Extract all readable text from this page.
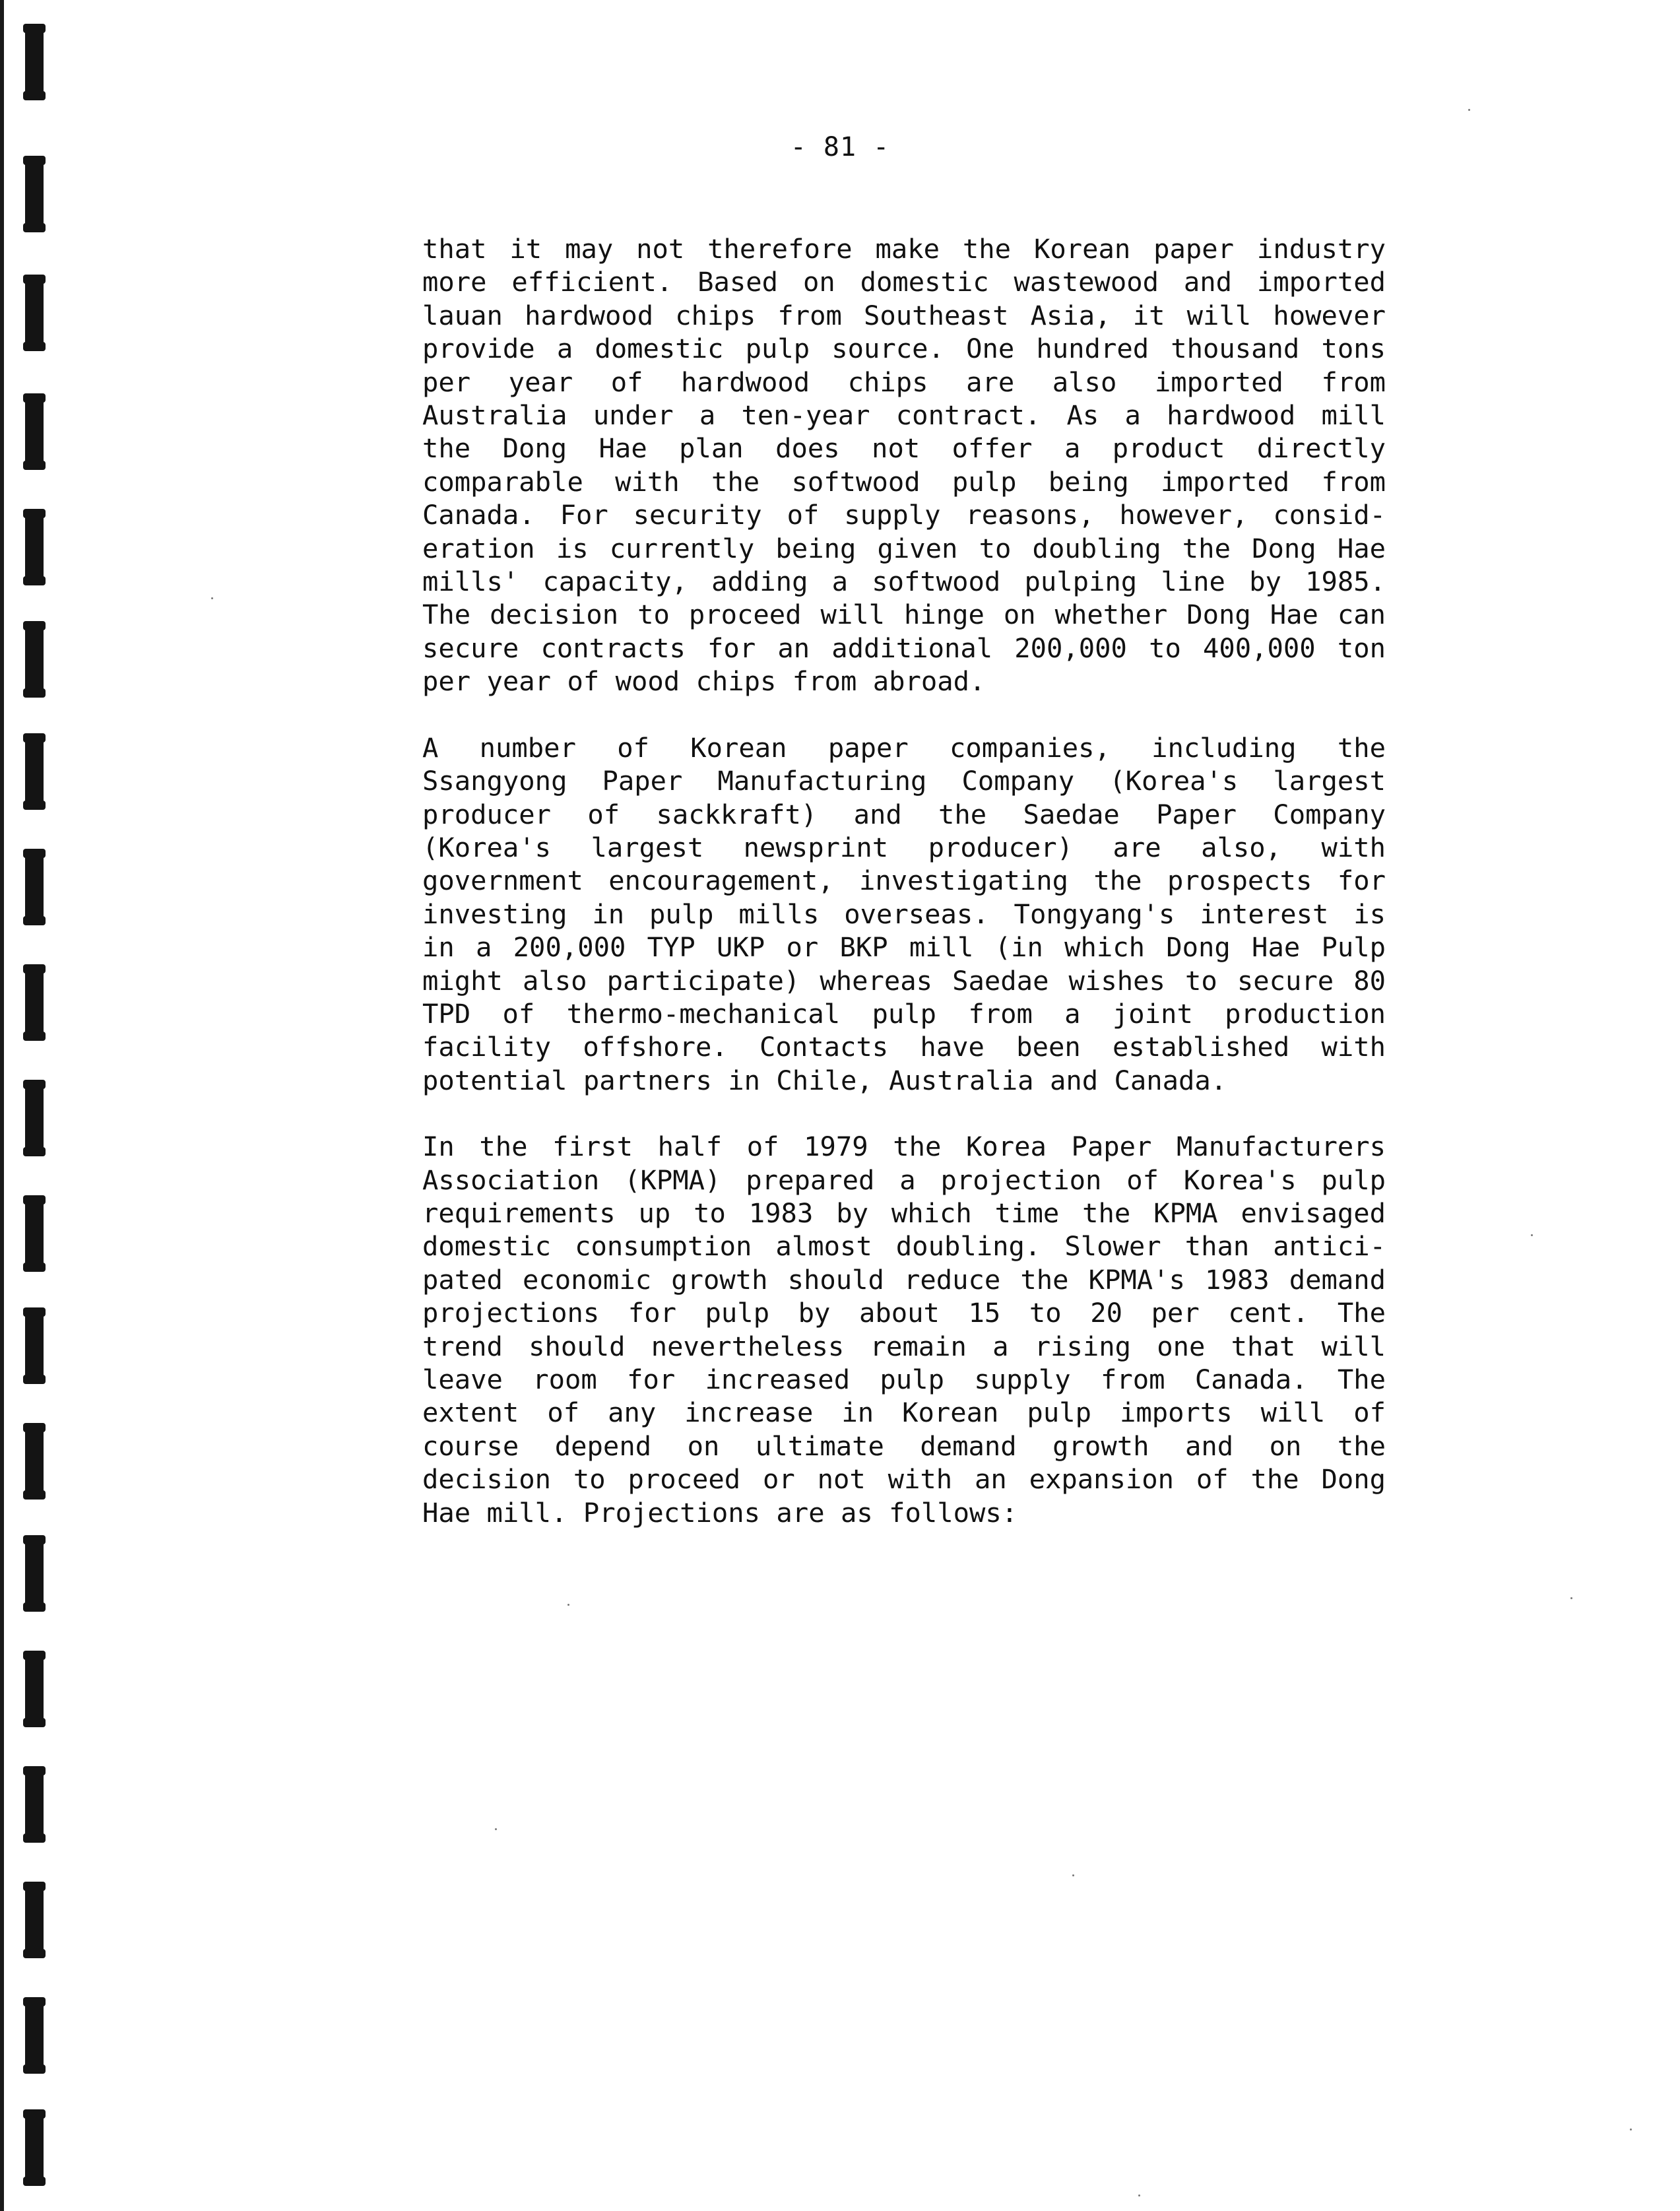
- 81 -

that it may not therefore make the Korean paper industry
more efficient. Based on domestic wastewood and imported
lauan hardwood chips from Southeast Asia, it will however
provide a domestic pulp source. One hundred thousand tons
per year of hardwood chips are also imported from
Australia under a ten-year contract. As a hardwood mill
the Dong Hae plan does not offer a product directly
comparable with the softwood pulp being imported from
Canada. For security of supply reasons, however, consid-
eration is currently being given to doubling the Dong Hae
mills' capacity, adding a softwood pulping line by 1985.
The decision to proceed will hinge on whether Dong Hae can
secure contracts for an additional 200,000 to 400,000 ton
per year of wood chips from abroad.

A number of Korean paper companies, including the
Ssangyong Paper Manufacturing Company (Korea's largest
producer of sackkraft) and the Saedae Paper Company
(Korea's largest newsprint producer) are also, with
government encouragement, investigating the prospects for
investing in pulp mills overseas. Tongyang's interest is
in a 200,000 TYP UKP or BKP mill (in which Dong Hae Pulp
might also participate) whereas Saedae wishes to secure 80
TPD of thermo-mechanical pulp from a joint production
facility offshore. Contacts have been established with
potential partners in Chile, Australia and Canada.

In the first half of 1979 the Korea Paper Manufacturers
Association (KPMA) prepared a projection of Korea's pulp
requirements up to 1983 by which time the KPMA envisaged
domestic consumption almost doubling. Slower than antici-
pated economic growth should reduce the KPMA's 1983 demand
projections for pulp by about 15 to 20 per cent. The
trend should nevertheless remain a rising one that will
leave room for increased pulp supply from Canada. The
extent of any increase in Korean pulp imports will of
course depend on ultimate demand growth and on the
decision to proceed or not with an expansion of the Dong
Hae mill. Projections are as follows:
